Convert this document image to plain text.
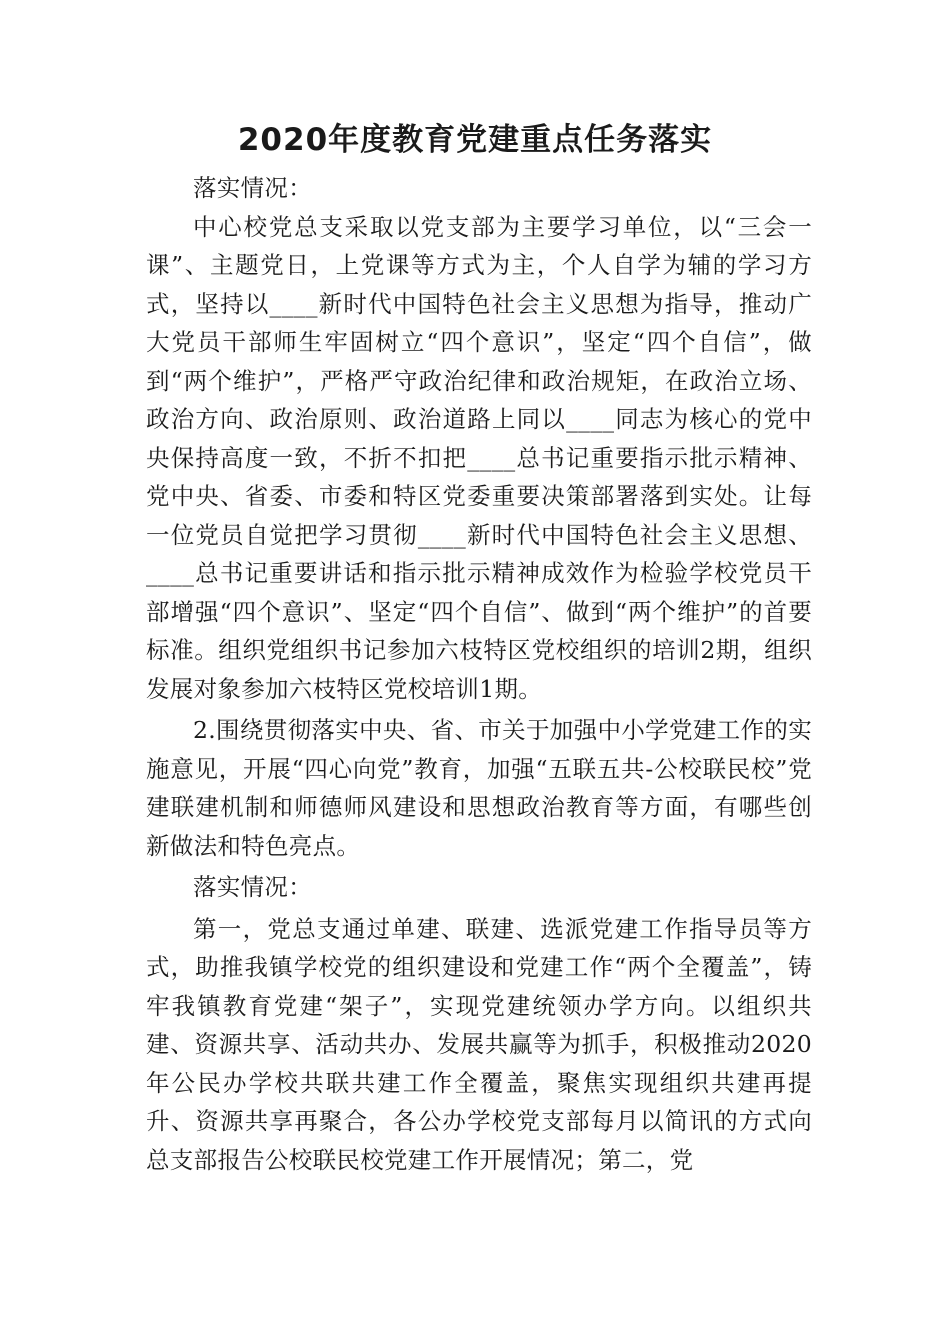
2020年度教育党建重点任务落实

落实情况：

中心校党总支采取以党支部为主要学习单位，以“三会一课”、主题党日，上党课等方式为主，个人自学为辅的学习方式，坚持以____新时代中国特色社会主义思想为指导，推动广大党员干部师生牢固树立“四个意识”，坚定“四个自信”，做到“两个维护”，严格严守政治纪律和政治规矩，在政治立场、政治方向、政治原则、政治道路上同以____同志为核心的党中央保持高度一致，不折不扣把____总书记重要指示批示精神、党中央、省委、市委和特区党委重要决策部署落到实处。让每一位党员自觉把学习贯彻____新时代中国特色社会主义思想、____总书记重要讲话和指示批示精神成效作为检验学校党员干部增强“四个意识”、坚定“四个自信”、做到“两个维护”的首要标准。组织党组织书记参加六枝特区党校组织的培训2期，组织发展对象参加六枝特区党校培训1期。

2.围绕贯彻落实中央、省、市关于加强中小学党建工作的实施意见，开展“四心向党”教育，加强“五联五共-公校联民校”党建联建机制和师德师风建设和思想政治教育等方面，有哪些创新做法和特色亮点。

落实情况：

第一，党总支通过单建、联建、选派党建工作指导员等方式，助推我镇学校党的组织建设和党建工作“两个全覆盖”，铸牢我镇教育党建“架子”，实现党建统领办学方向。以组织共建、资源共享、活动共办、发展共赢等为抓手，积极推动2020年公民办学校共联共建工作全覆盖，聚焦实现组织共建再提升、资源共享再聚合，各公办学校党支部每月以简讯的方式向总支部报告公校联民校党建工作开展情况；第二，党
